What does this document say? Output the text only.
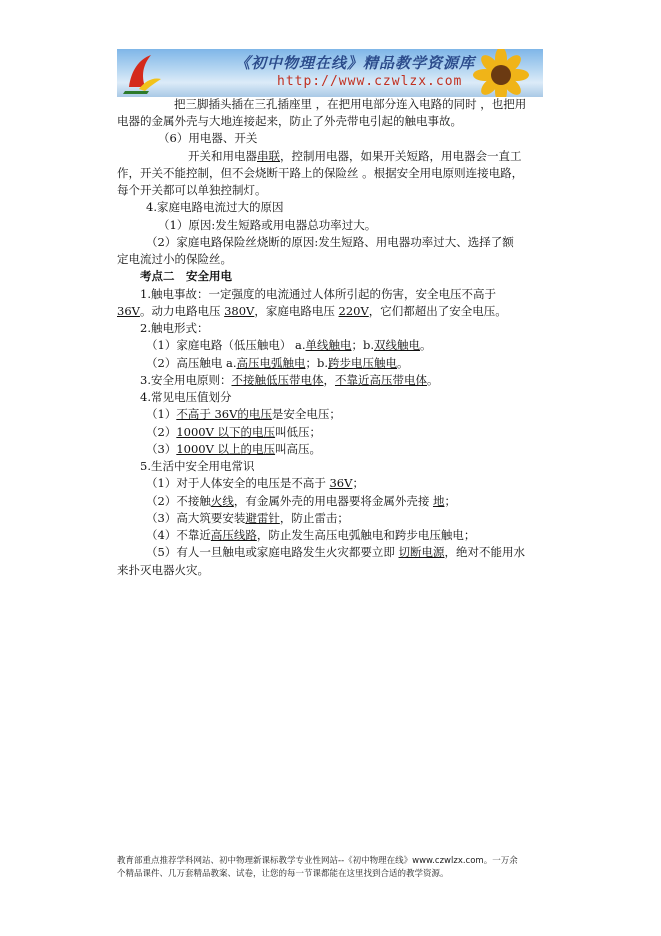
《初中物理在线》精品教学资源库
http://www.czwlzx.com
把三脚插头插在三孔插座里 ，在把用电部分连入电路的同时 ，也把用
电器的金属外壳与大地连接起来，防止了外壳带电引起的触电事故。
（6）用电器、开关
开关和用电器串联，控制用电器，如果开关短路，用电器会一直工
作，开关不能控制，但不会烧断干路上的保险丝 。根据安全用电原则连接电路，
每个开关都可以单独控制灯。
4.家庭电路电流过大的原因
（1）原因:发生短路或用电器总功率过大。
（2）家庭电路保险丝烧断的原因:发生短路、用电器功率过大、选择了额
定电流过小的保险丝。
考点二　安全用电
1.触电事故：一定强度的电流通过人体所引起的伤害，安全电压不高于
36V。动力电路电压 380V，家庭电路电压 220V，它们都超出了安全电压。
2.触电形式：
（1）家庭电路（低压触电） a.单线触电；b.双线触电。
（2）高压触电 a.高压电弧触电；b.跨步电压触电。
3.安全用电原则：不接触低压带电体，不靠近高压带电体。
4.常见电压值划分
（1）不高于 36V的电压是安全电压；
（2）1000V 以下的电压叫低压；
（3）1000V 以上的电压叫高压。
5.生活中安全用电常识
（1）对于人体安全的电压是不高于 36V；
（2）不接触火线，有金属外壳的用电器要将金属外壳接 地；
（3）高大筑要安装避雷针，防止雷击；
（4）不靠近高压线路，防止发生高压电弧触电和跨步电压触电；
（5）有人一旦触电或家庭电路发生火灾都要立即 切断电源，绝对不能用水
来扑灭电器火灾。
教育部重点推荐学科网站、初中物理新课标教学专业性网站--《初中物理在线》www.czwlzx.com。一万余
个精品课件、几万套精品教案、试卷，让您的每一节课都能在这里找到合适的教学资源。
